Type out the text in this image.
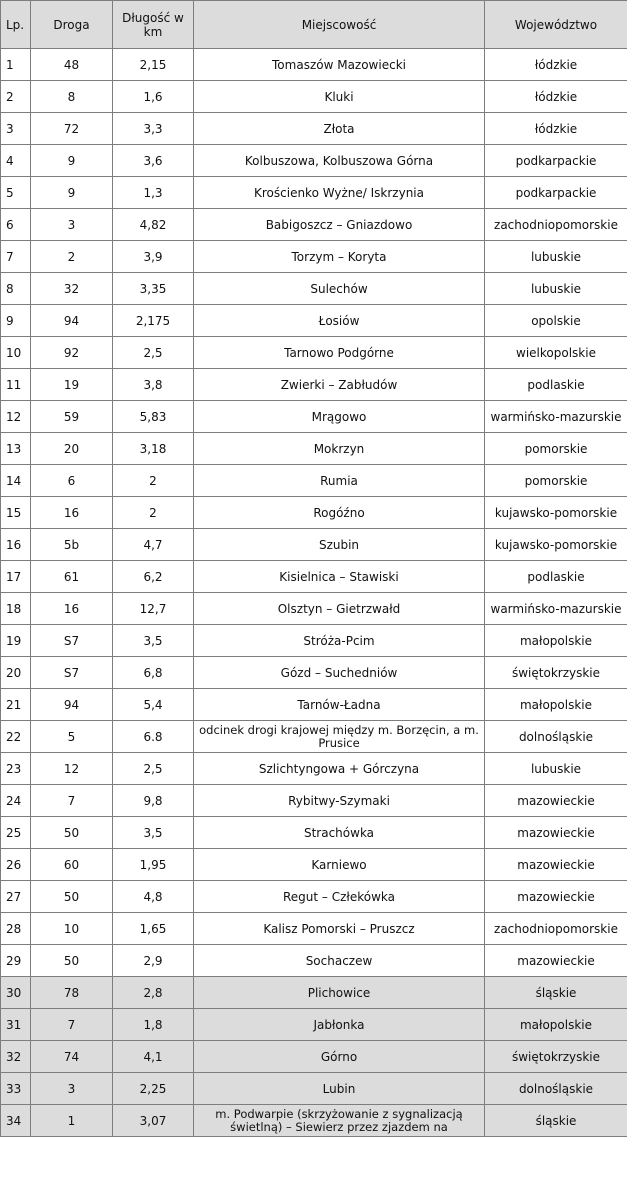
Lp.	Droga	Długość w km	Miejscowość	Województwo
1	48	2,15	Tomaszów Mazowiecki	łódzkie
2	8	1,6	Kluki	łódzkie
3	72	3,3	Złota	łódzkie
4	9	3,6	Kolbuszowa, Kolbuszowa Górna	podkarpackie
5	9	1,3	Krościenko Wyżne/ Iskrzynia	podkarpackie
6	3	4,82	Babigoszcz – Gniazdowo	zachodniopomorskie
7	2	3,9	Torzym – Koryta	lubuskie
8	32	3,35	Sulechów	lubuskie
9	94	2,175	Łosiów	opolskie
10	92	2,5	Tarnowo Podgórne	wielkopolskie
11	19	3,8	Zwierki – Zabłudów	podlaskie
12	59	5,83	Mrągowo	warmińsko-mazurskie
13	20	3,18	Mokrzyn	pomorskie
14	6	2	Rumia	pomorskie
15	16	2	Rogóźno	kujawsko-pomorskie
16	5b	4,7	Szubin	kujawsko-pomorskie
17	61	6,2	Kisielnica – Stawiski	podlaskie
18	16	12,7	Olsztyn – Gietrzwałd	warmińsko-mazurskie
19	S7	3,5	Stróża-Pcim	małopolskie
20	S7	6,8	Gózd – Suchedniów	świętokrzyskie
21	94	5,4	Tarnów-Ładna	małopolskie
22	5	6.8	odcinek drogi krajowej między m. Borzęcin, a m. Prusice	dolnośląskie
23	12	2,5	Szlichtyngowa + Górczyna	lubuskie
24	7	9,8	Rybitwy-Szymaki	mazowieckie
25	50	3,5	Strachówka	mazowieckie
26	60	1,95	Karniewo	mazowieckie
27	50	4,8	Regut – Człekówka	mazowieckie
28	10	1,65	Kalisz Pomorski – Pruszcz	zachodniopomorskie
29	50	2,9	Sochaczew	mazowieckie
30	78	2,8	Plichowice	śląskie
31	7	1,8	Jabłonka	małopolskie
32	74	4,1	Górno	świętokrzyskie
33	3	2,25	Lubin	dolnośląskie
34	1	3,07	m. Podwarpie (skrzyżowanie z sygnalizacją świetlną) – Siewierz przez zjazdem na	śląskie
